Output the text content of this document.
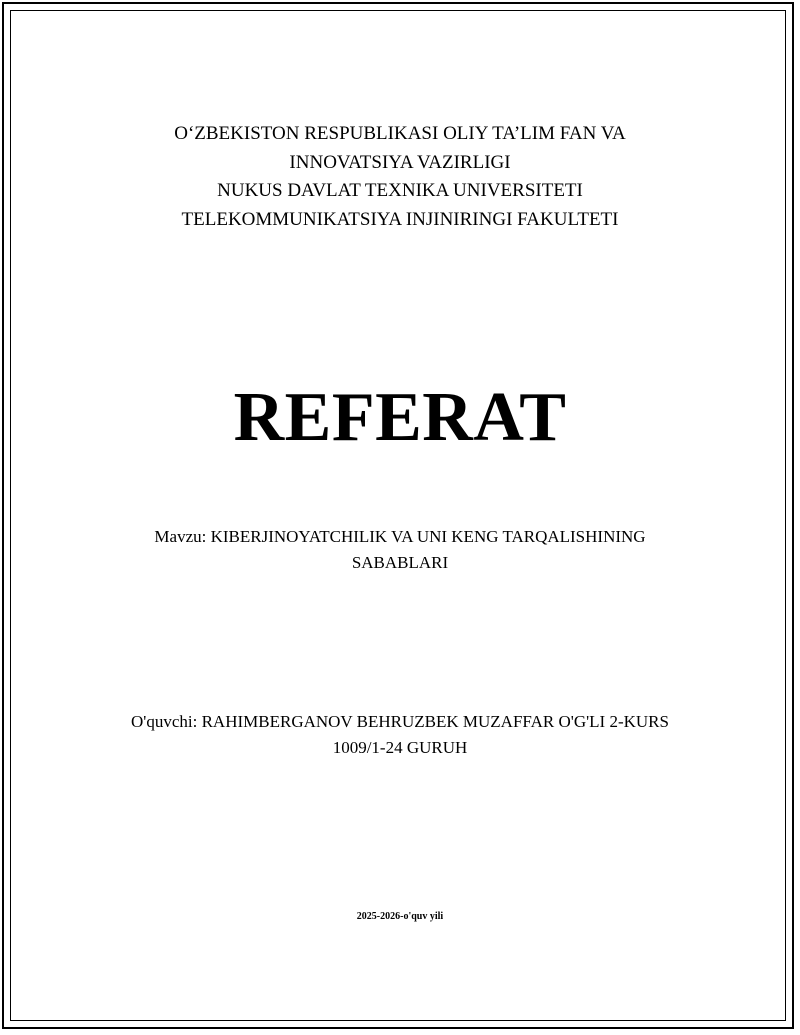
O‘ZBEKISTON RESPUBLIKASI OLIY TA’LIM FAN VA
INNOVATSIYA VAZIRLIGI
NUKUS DAVLAT TEXNIKA UNIVERSITETI
TELEKOMMUNIKATSIYA INJINIRINGI FAKULTETI
REFERAT
Mavzu: KIBERJINOYATCHILIK VA UNI KENG TARQALISHINING SABABLARI
O'quvchi: RAHIMBERGANOV BEHRUZBEK MUZAFFAR O'G'LI 2-KURS 1009/1-24 GURUH
2025-2026-o'quv yili
